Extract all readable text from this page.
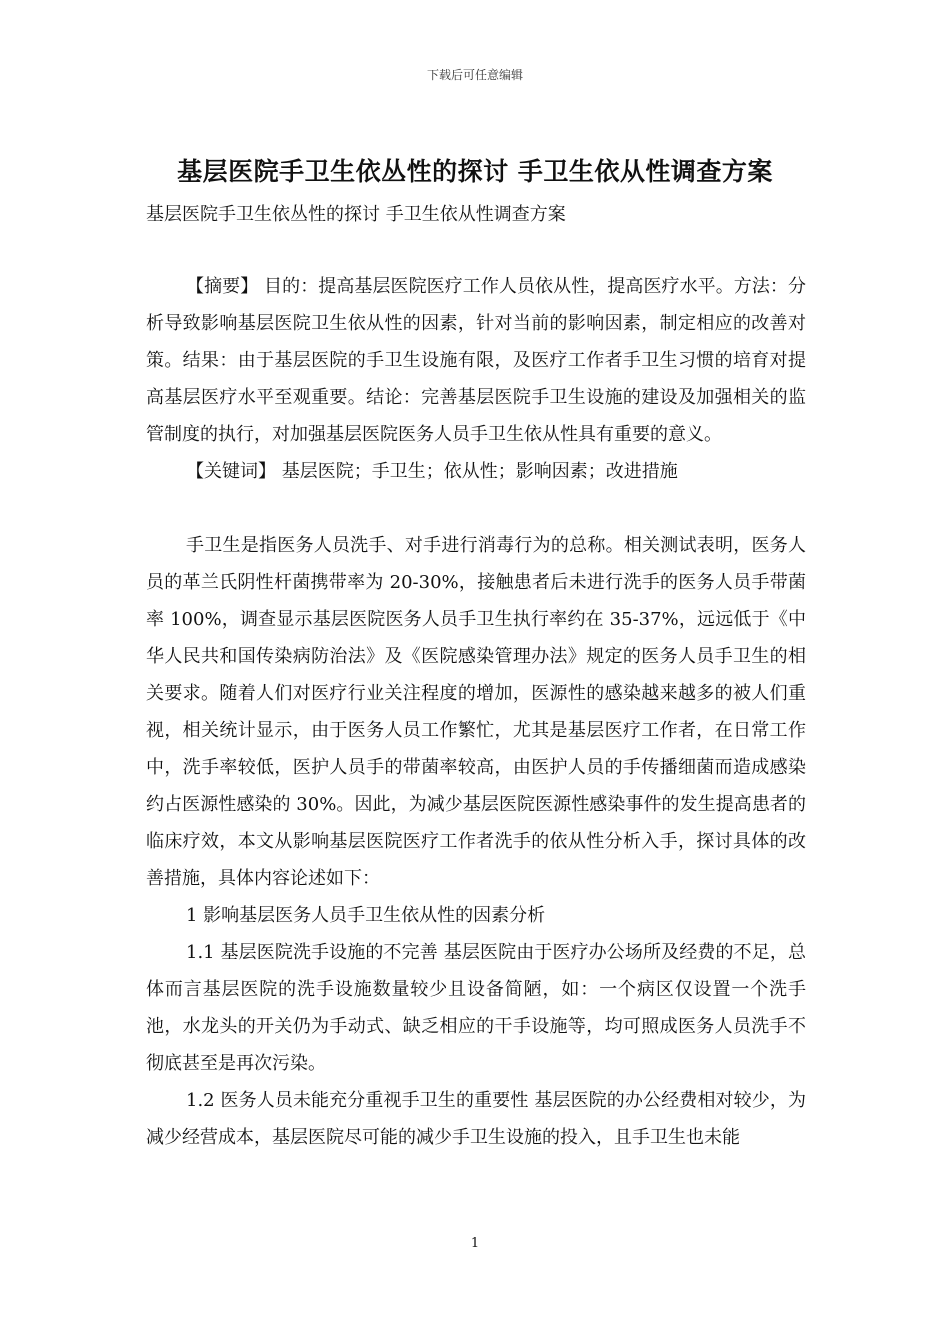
下载后可任意编辑
基层医院手卫生依丛性的探讨 手卫生依从性调查方案
基层医院手卫生依丛性的探讨 手卫生依从性调查方案

【摘要】 目的：提高基层医院医疗工作人员依从性，提高医疗水平。方法：分析导致影响基层医院卫生依从性的因素，针对当前的影响因素，制定相应的改善对策。结果：由于基层医院的手卫生设施有限，及医疗工作者手卫生习惯的培育对提高基层医疗水平至观重要。结论：完善基层医院手卫生设施的建设及加强相关的监管制度的执行，对加强基层医院医务人员手卫生依从性具有重要的意义。

【关键词】 基层医院；手卫生；依从性；影响因素；改进措施

手卫生是指医务人员洗手、对手进行消毒行为的总称。相关测试表明，医务人员的革兰氏阴性杆菌携带率为 20-30%，接触患者后未进行洗手的医务人员手带菌率 100%，调查显示基层医院医务人员手卫生执行率约在 35-37%，远远低于《中华人民共和国传染病防治法》及《医院感染管理办法》规定的医务人员手卫生的相关要求。随着人们对医疗行业关注程度的增加，医源性的感染越来越多的被人们重视，相关统计显示，由于医务人员工作繁忙，尤其是基层医疗工作者，在日常工作中，洗手率较低，医护人员手的带菌率较高，由医护人员的手传播细菌而造成感染约占医源性感染的 30%。因此，为减少基层医院医源性感染事件的发生提高患者的临床疗效，本文从影响基层医院医疗工作者洗手的依从性分析入手，探讨具体的改善措施，具体内容论述如下：

1 影响基层医务人员手卫生依从性的因素分析

1.1 基层医院洗手设施的不完善 基层医院由于医疗办公场所及经费的不足，总体而言基层医院的洗手设施数量较少且设备简陋，如：一个病区仅设置一个洗手池，水龙头的开关仍为手动式、缺乏相应的干手设施等，均可照成医务人员洗手不彻底甚至是再次污染。

1.2 医务人员未能充分重视手卫生的重要性 基层医院的办公经费相对较少，为减少经营成本，基层医院尽可能的减少手卫生设施的投入，且手卫生也未能

1
